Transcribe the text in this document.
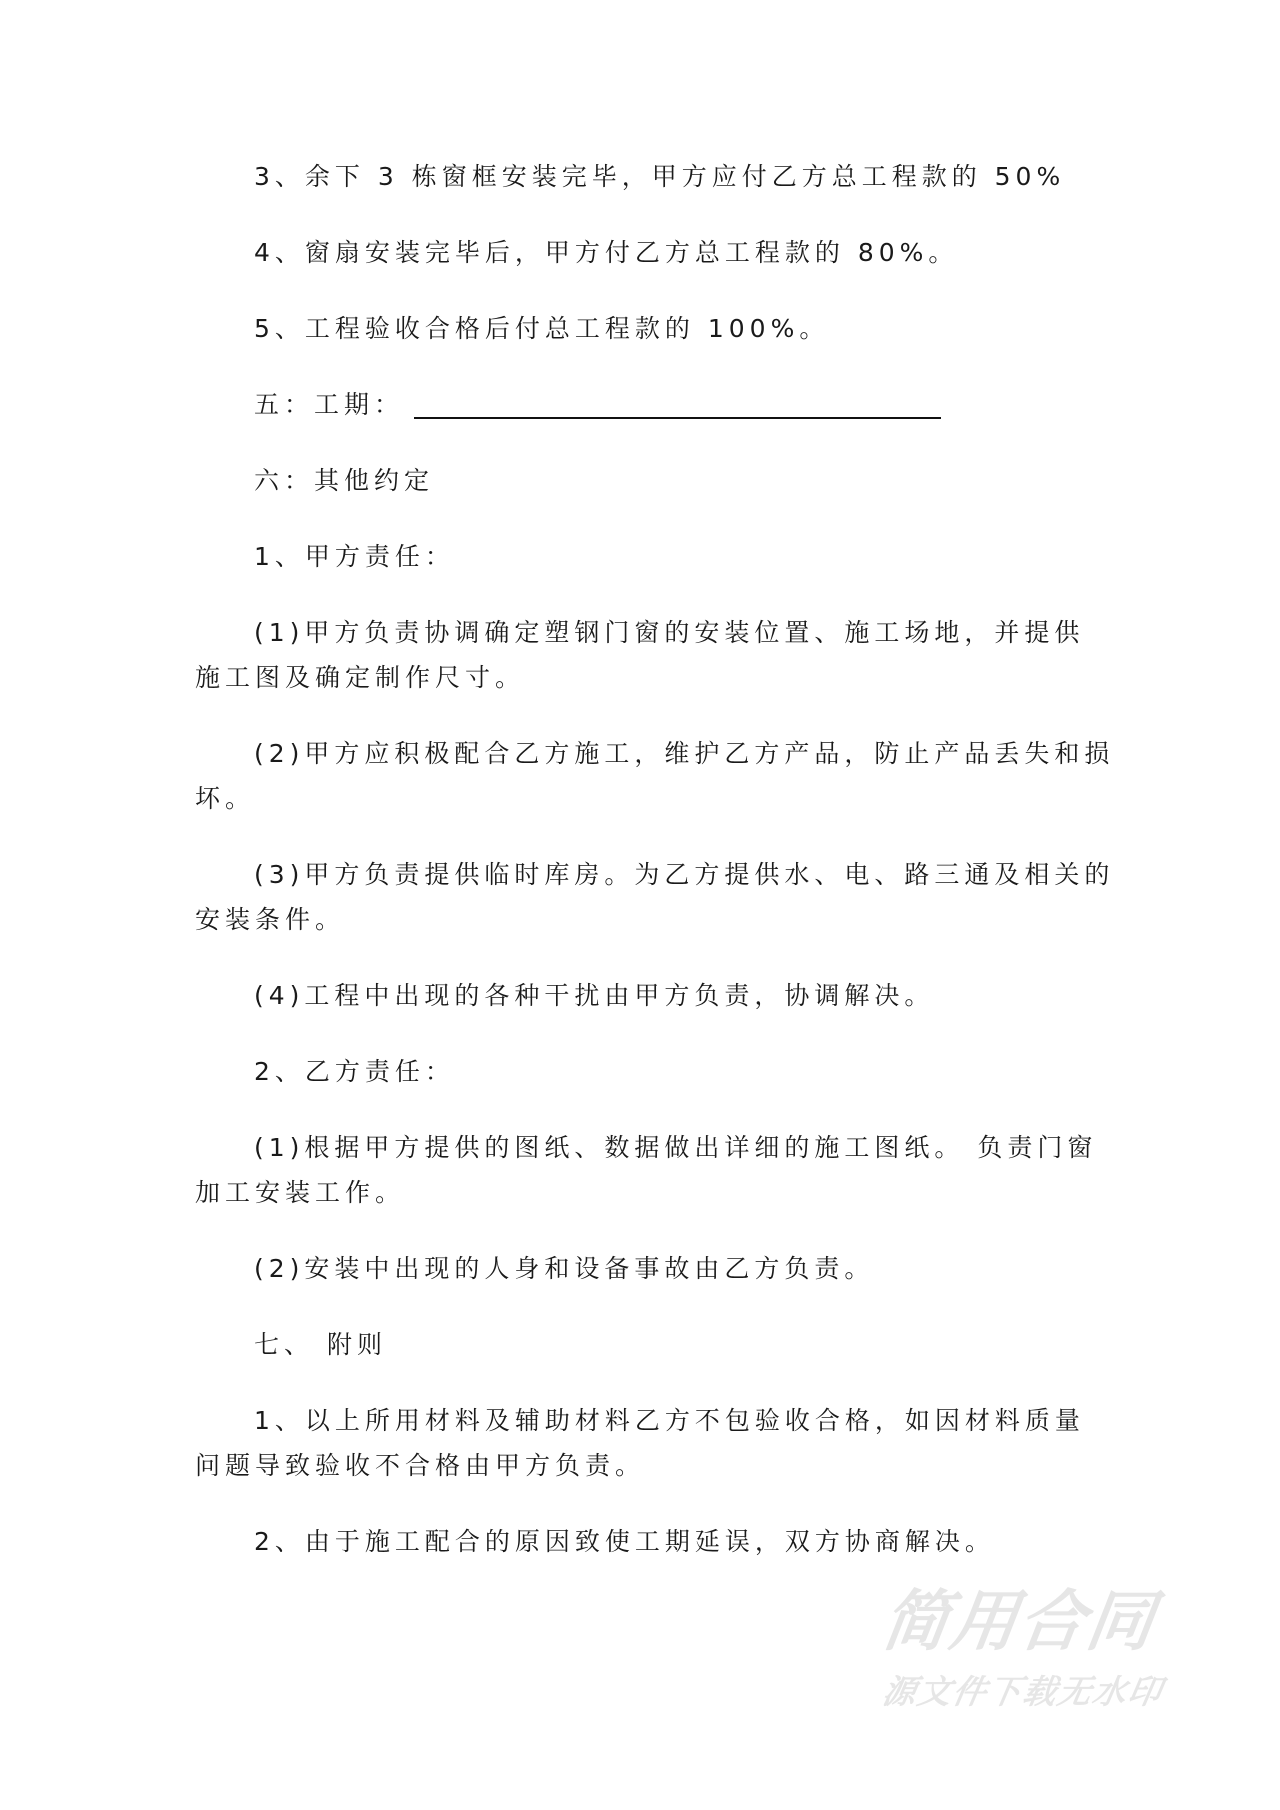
3、余下 3 栋窗框安装完毕，甲方应付乙方总工程款的 50%

4、窗扇安装完毕后，甲方付乙方总工程款的 80%。

5、工程验收合格后付总工程款的 100%。

五：工期：

六：其他约定

1、甲方责任：

(1)甲方负责协调确定塑钢门窗的安装位置、施工场地，并提供
施工图及确定制作尺寸。

(2)甲方应积极配合乙方施工，维护乙方产品，防止产品丢失和损
坏。

(3)甲方负责提供临时库房。为乙方提供水、电、路三通及相关的
安装条件。

(4)工程中出现的各种干扰由甲方负责，协调解决。

2、乙方责任：

(1)根据甲方提供的图纸、数据做出详细的施工图纸。 负责门窗
加工安装工作。

(2)安装中出现的人身和设备事故由乙方负责。

七、 附则

1、以上所用材料及辅助材料乙方不包验收合格，如因材料质量
问题导致验收不合格由甲方负责。

2、由于施工配合的原因致使工期延误，双方协商解决。

简用合同
源文件下载无水印
